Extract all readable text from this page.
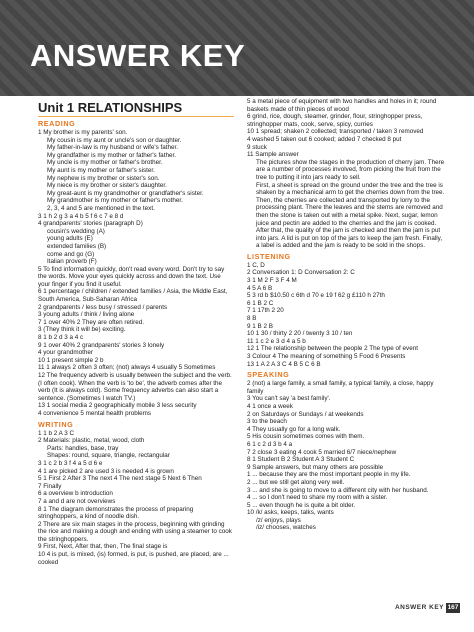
ANSWER KEY
Unit 1 RELATIONSHIPS
READING

1 My brother is my parents' son.

My cousin is my aunt or uncle's son or daughter.

My father-in-law is my husband or wife's father.

My grandfather is my mother or father's father.

My uncle is my mother or father's brother.

My aunt is my mother or father's sister.

My nephew is my brother or sister's son.

My niece is my brother or sister's daughter.

My great-aunt is my grandmother or grandfather's sister.

My grandmother is my mother or father's mother.

2, 3, 4 and 5 are mentioned in the text.

3 1 h 2 g 3 a 4 b 5 f 6 c 7 e 8 d

4 grandparents' stories (paragraph D)

cousin's wedding (A)

young adults (E)

extended families (B)

come and go (G)

Italian proverb (F)

5 To find information quickly, don't read every word. Don't try to say the words. Move your eyes quickly across and down the text. Use your finger if you find it useful.

6 1 percentage / children / extended families / Asia, the Middle East, South America, Sub-Saharan Africa

2 grandparents / less busy / stressed / parents

3 young adults / think / living alone

7 1 over 40% 2 They are often retired.

3 (They think it will be) exciting.

8 1 b 2 d 3 a 4 c

9 1 over 40% 2 grandparents' stories 3 lonely

4 your grandmother

10 1 present simple 2 b

11 1 always 2 often 3 often; (not) always 4 usually 5 Sometimes

12 The frequency adverb is usually between the subject and the verb. (I often cook). When the verb is 'to be', the adverb comes after the verb (It is always cold). Some frequency adverbs can also start a sentence. (Sometimes I watch TV.)

13 1 social media 2 geographically mobile 3 less security

4 convenience 5 mental health problems

WRITING

1 1 b 2 A 3 C

2 Materials: plastic, metal, wood, cloth

Parts: handles, base, tray

Shapes: round, square, triangle, rectangular

3 1 c 2 b 3 f 4 a 5 d 6 e

4 1 are picked 2 are used 3 is needed 4 is grown

5 1 First 2 After 3 The next 4 The next stage 5 Next 6 Then

7 Finally

6 a overview b introduction

7 a and d are not overviews

8 1 The diagram demonstrates the process of preparing stringhoppers, a kind of noodle dish.

2 There are six main stages in the process, beginning with grinding the rice and making a dough and ending with using a steamer to cook the stringhoppers.

9 First, Next, After that, then, The final stage is

10 4 is put, is mixed, (is) formed, is put, is pushed, are placed, are ... cooked

5 a metal piece of equipment with two handles and holes in it; round baskets made of thin pieces of wood

6 grind, rice, dough, steamer, grinder, flour, stringhopper press, stringhopper mats, cook, serve, spicy, curries

10 1 spread; shaken 2 collected; transported / taken 3 removed

4 washed 5 taken out 6 cooked; added 7 checked 8 put

9 stuck

11 Sample answer

The pictures show the stages in the production of cherry jam. There are a number of processes involved, from picking the fruit from the tree to putting it into jars ready to sell.

First, a sheet is spread on the ground under the tree and the tree is shaken by a mechanical arm to get the cherries down from the tree. Then, the cherries are collected and transported by lorry to the processing plant. There the leaves and the stems are removed and then the stone is taken out with a metal spike. Next, sugar, lemon juice and pectin are added to the cherries and the jam is cooked. After that, the quality of the jam is checked and then the jam is put into jars. A lid is put on top of the jars to keep the jam fresh. Finally, a label is added and the jam is ready to be sold in the shops.

LISTENING

1 C, D

2 Conversation 1: D Conversation 2: C

3 1 M 2 F 3 F 4 M

4 5 A 6 B

5 3 rd b $10.50 c 6th d 70 e 19 f 62 g £110 h 27th

6 1 B 2 C

7 1 17th 2 20

8 B

9 1 B 2 B

10 1 30 / thirty 2 20 / twenty 3 10 / ten

11 1 c 2 e 3 d 4 a 5 b

12 1 The relationship between the people 2 The type of event

3 Colour 4 The meaning of something 5 Food 6 Presents

13 1 A 2 A 3 C 4 B 5 C 6 B

SPEAKING

2 (not) a large family, a small family, a typical family, a close, happy family

3 You can't say 'a best family'.

4 1 once a week

2 on Saturdays or Sundays / at weekends

3 to the beach

4 They usually go for a long walk.

5 His cousin sometimes comes with them.

6 1 c 2 d 3 b 4 a

7 2 close 3 eating 4 cook 5 married 6/7 niece/nephew

8 1 Student B 2 Student A 3 Student C

9 Sample answers, but many others are possible

1 ... because they are the most important people in my life.

2 ... but we still get along very well.

3 ... and she is going to move to a different city with her husband.

4 ... so I don't need to share my room with a sister.

5 ... even though he is quite a bit older.

10 /k/ asks, keeps, talks, wants

/z/ enjoys, plays

/iz/ chooses, watches

ANSWER KEY 167
